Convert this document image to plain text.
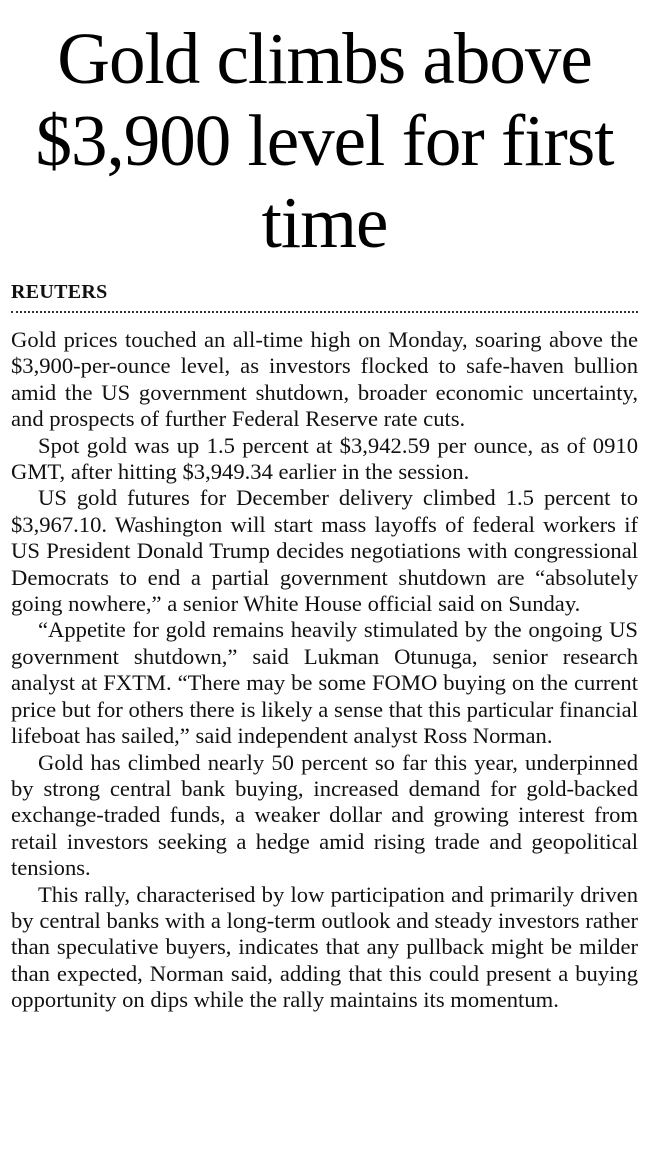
Gold climbs above $3,900 level for first time
REUTERS

Gold prices touched an all-time high on Monday, soaring above the $3,900-per-ounce level, as investors flocked to safe-haven bullion amid the US government shutdown, broader economic uncertainty, and prospects of further Federal Reserve rate cuts.

Spot gold was up 1.5 percent at $3,942.59 per ounce, as of 0910 GMT, after hitting $3,949.34 earlier in the session.

US gold futures for December delivery climbed 1.5 percent to $3,967.10. Washington will start mass layoffs of federal workers if US President Donald Trump decides negotiations with congressional Democrats to end a partial government shutdown are “absolutely going nowhere,” a senior White House official said on Sunday.

“Appetite for gold remains heavily stimulated by the ongoing US government shutdown,” said Lukman Otunuga, senior research analyst at FXTM. “There may be some FOMO buying on the current price but for others there is likely a sense that this particular financial lifeboat has sailed,” said independent analyst Ross Norman.

Gold has climbed nearly 50 percent so far this year, underpinned by strong central bank buying, increased demand for gold-backed exchange-traded funds, a weaker dollar and growing interest from retail investors seeking a hedge amid rising trade and geopolitical tensions.

This rally, characterised by low participation and primarily driven by central banks with a long-term outlook and steady investors rather than speculative buyers, indicates that any pullback might be milder than expected, Norman said, adding that this could present a buying opportunity on dips while the rally maintains its momentum.
